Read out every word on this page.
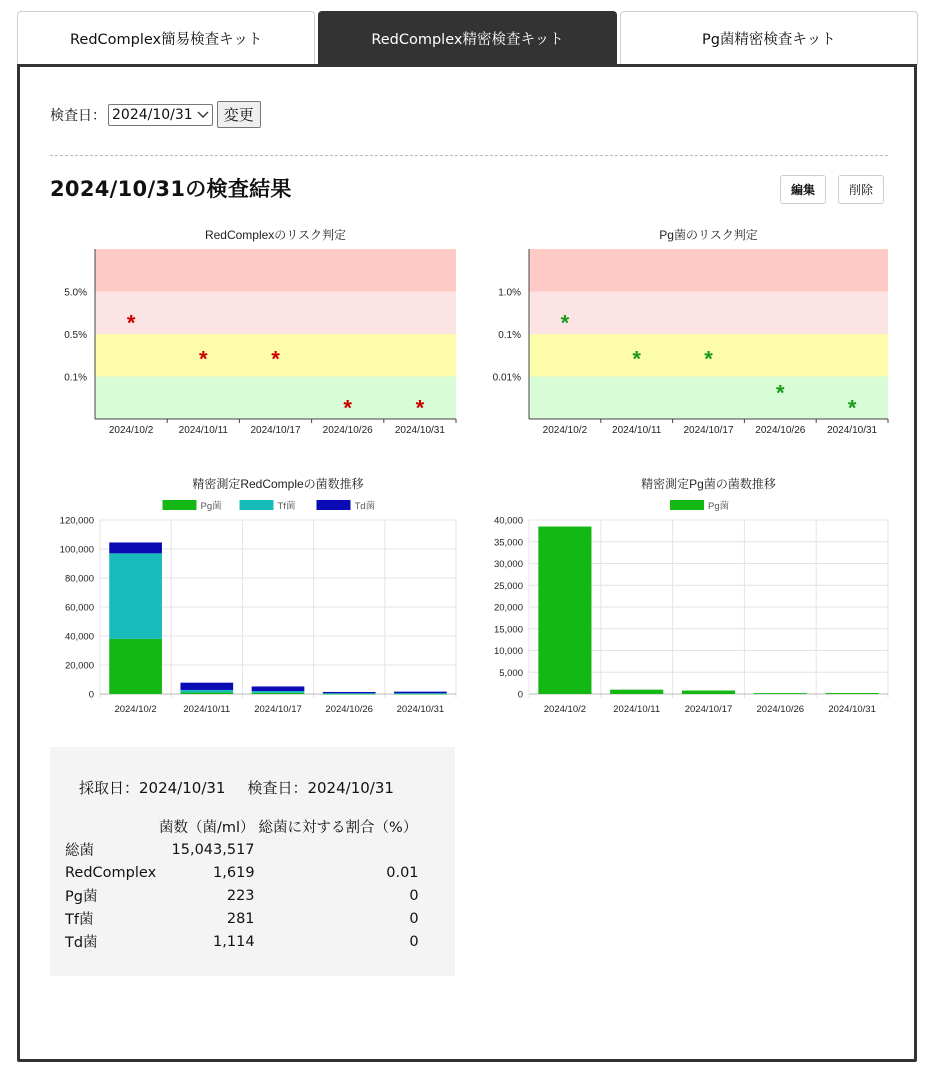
RedComplex簡易検査キット	RedComplex精密検査キット	Pg菌精密検査キット
検査日： 2024/10/31	変更
2024/10/31の検査結果	編集	削除
RedComplexのリスク判定
0.1%
0.5%
5.0%
2024/10/2
*
2024/10/11
*
2024/10/17
*
2024/10/26
*
2024/10/31
*
Pg菌のリスク判定
0.01%
0.1%
1.0%
2024/10/2
*
2024/10/11
*
2024/10/17
*
2024/10/26
*
2024/10/31
*
精密測定RedCompleの菌数推移
Pg菌	Tf菌	Td菌
0
20,000
40,000
60,000
80,000
100,000
120,000
2024/10/2	2024/10/11	2024/10/17 2024/10/26 2024/10/31
精密測定Pg菌の菌数推移
Pg菌
0
5,000
10,000
15,000
20,000
25,000
30,000
35,000
40,000
2024/10/2	2024/10/11	2024/10/17	2024/10/26	2024/10/31
採取日：2024/10/31 検査日：2024/10/31
	菌数（菌/ml）	総菌に対する割合（%）
総菌	15,043,517	
RedComplex	1,619	0.01
Pg菌	223	0
Tf菌	281	0
Td菌	1,114	0
